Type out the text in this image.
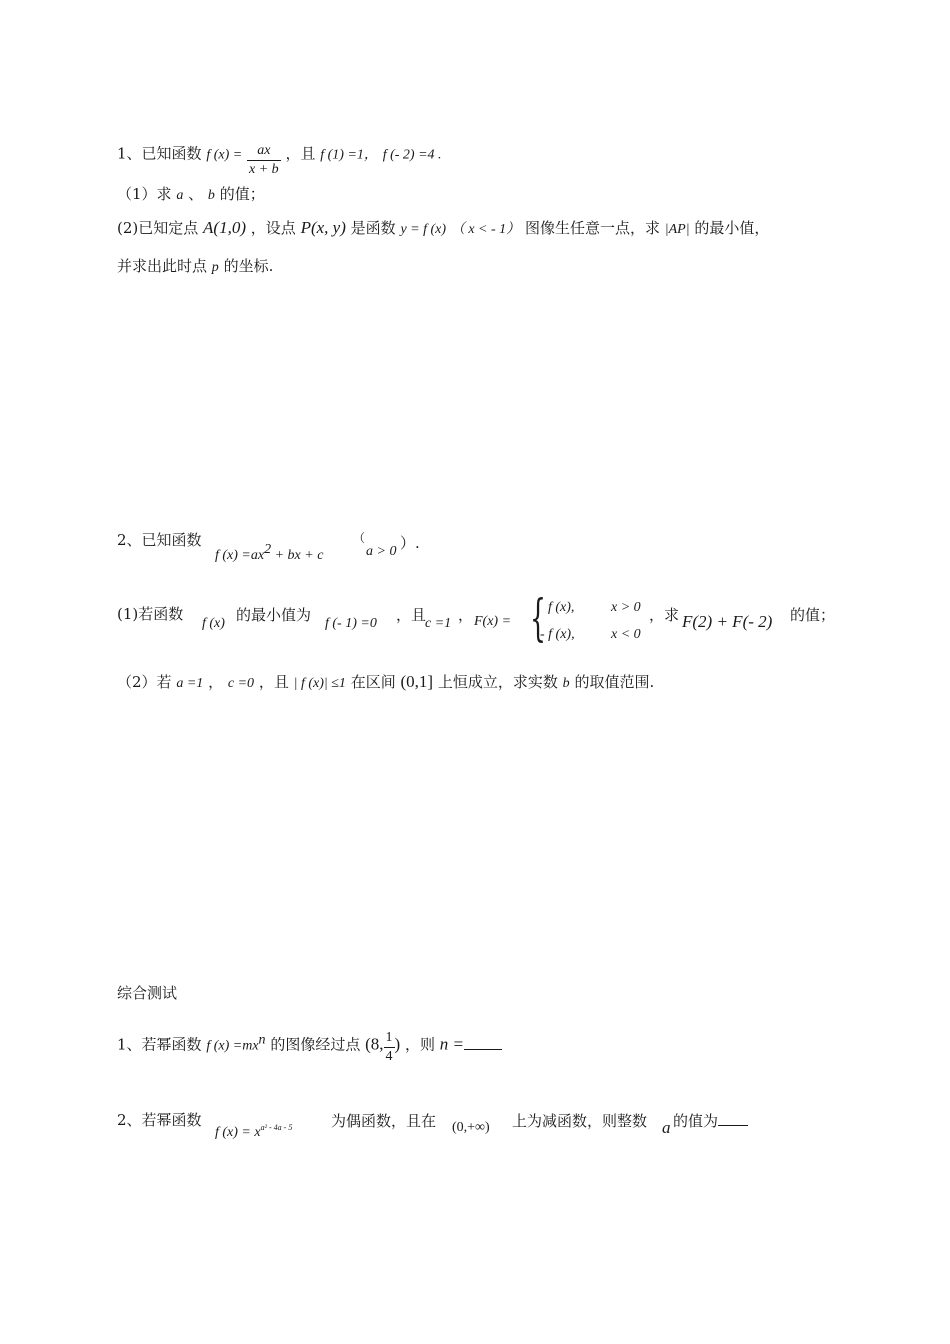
1、已知函数 f $(x) = \frac{ax}{x + b}$ ，且 f (1) =1， f (- 2) =4 .
（1）求 a 、 b 的值；
(2)已知定点 A(1,0) ，设点 P(x, y) 是函数 y = f (x) （ x < - 1） 图像生任意一点，求 |AP| 的最小值，
并求出此时点 p 的坐标.
2、已知函数
f $(x) =ax^2$ + bx + c
（
a > 0 ）.
(1)若函数
f (x) 的最小值为 f (- 1) =0 ，且
c =1 ， F(x) = { f (x),	x > 0
- f (x),	x < 0
，求 F(2) + F(- 2) 的值；
（2）若 a =1 ， c =0 ，且 | f (x)| ≤1 在区间 (0,1] 上恒成立，求实数 b 的取值范围.
综合测试
1、若幂函数 f $(x) =mx^n$ 的图像经过点 (8, $\frac{1}{4}$ ) ，则 n =
2、若幂函数
f $(x) = x^{a^2 - 4a - 5}$	为偶函数，且在 (0,+∞) 上为减函数，则整数 a 的值为
